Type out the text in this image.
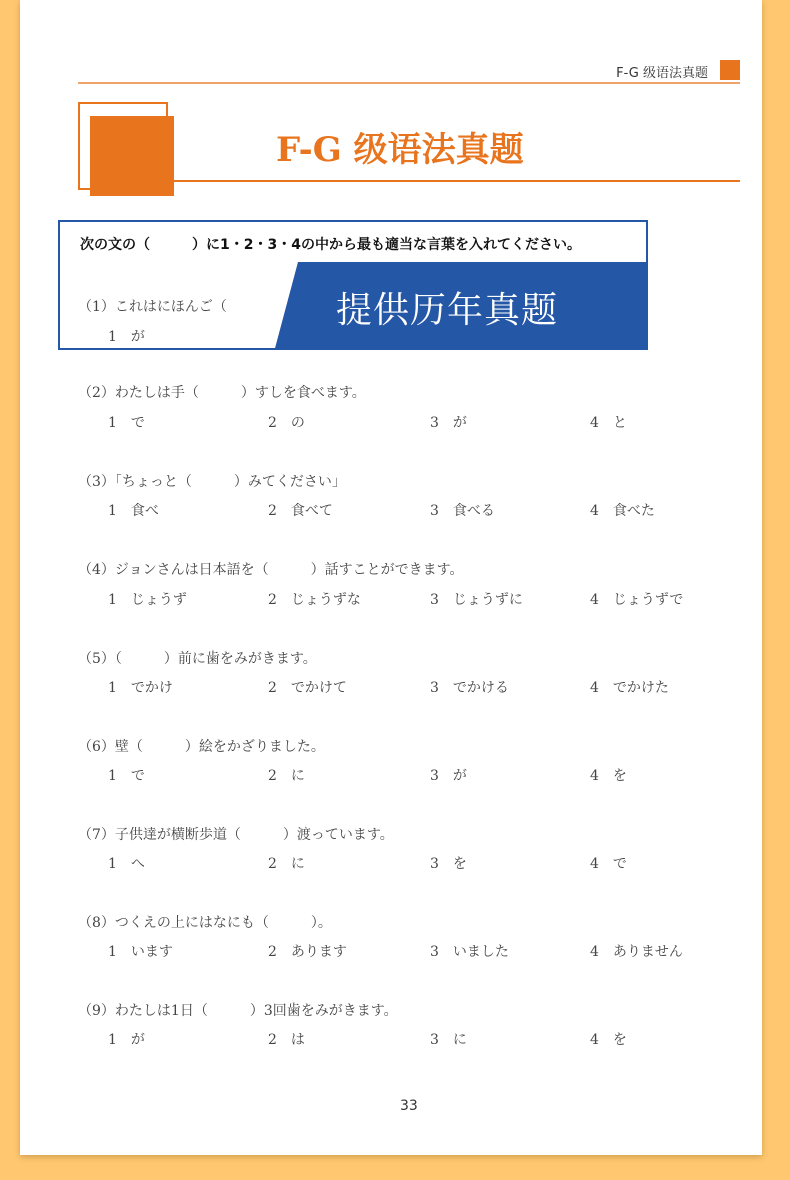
F-G 级语法真题
F-G 级语法真题
次の文の（　　　）に1・2・3・4の中から最も適当な言葉を入れてください。
（1）これはにほんご（
1　が
提供历年真题
（2）わたしは手（　　　）すしを食べます。
1　で	2　の	3　が	4　と
（3）「ちょっと（　　　）みてください」
1　食べ	2　食べて	3　食べる	4　食べた
（4）ジョンさんは日本語を（　　　）話すことができます。
1　じょうず	2　じょうずな	3　じょうずに	4　じょうずで
（5）（　　　）前に歯をみがきます。
1　でかけ	2　でかけて	3　でかける	4　でかけた
（6）壁（　　　）絵をかざりました。
1　で	2　に	3　が	4　を
（7）子供達が横断歩道（　　　）渡っています。
1　へ	2　に	3　を	4　で
（8）つくえの上にはなにも（　　　）。
1　います	2　あります	3　いました	4　ありません
（9）わたしは1日（　　　）3回歯をみがきます。
1　が	2　は	3　に	4　を
33
